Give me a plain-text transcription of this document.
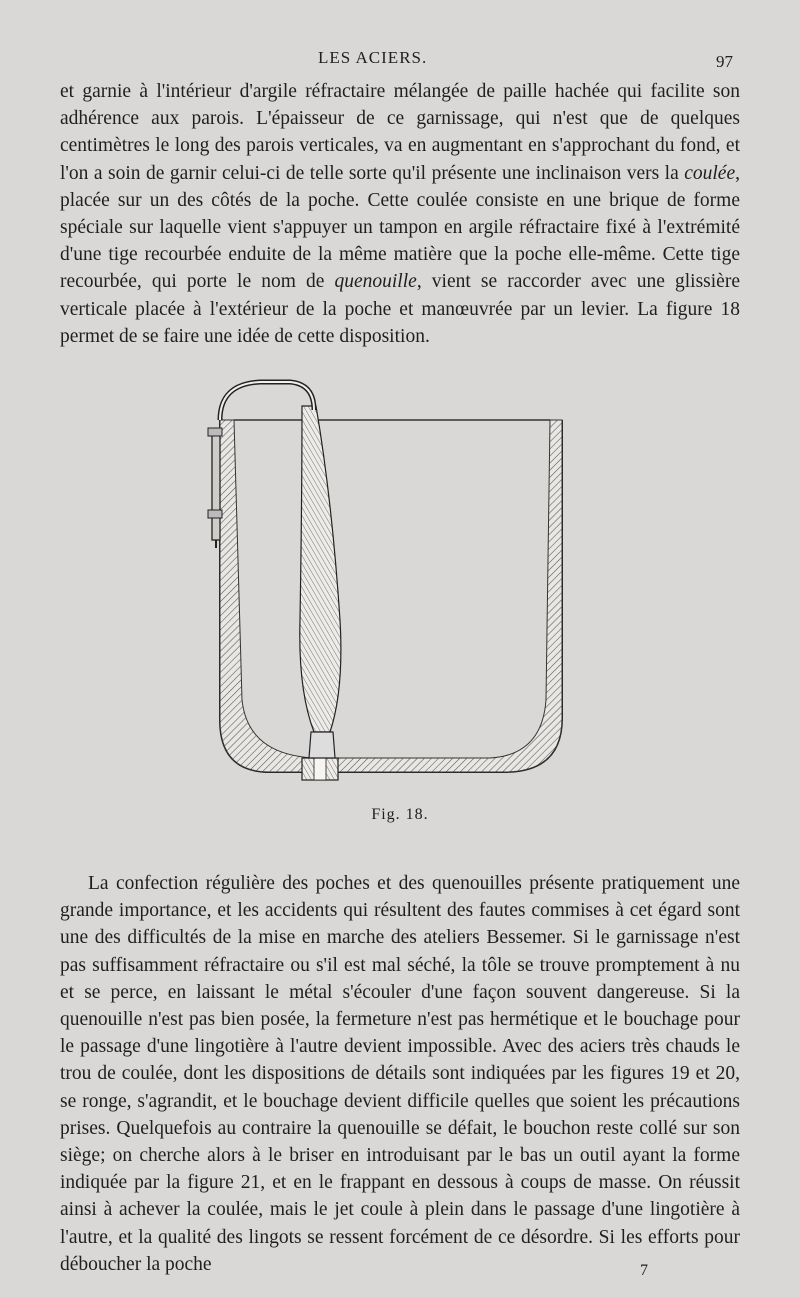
LES ACIERS.	97

et garnie à l'intérieur d'argile réfractaire mélangée de paille hachée qui facilite son adhérence aux parois. L'épaisseur de ce garnissage, qui n'est que de quelques centimètres le long des parois verticales, va en augmentant en s'approchant du fond, et l'on a soin de garnir celui-ci de telle sorte qu'il présente une inclinaison vers la coulée, placée sur un des côtés de la poche. Cette coulée consiste en une brique de forme spéciale sur laquelle vient s'appuyer un tampon en argile réfractaire fixé à l'extrémité d'une tige recourbée enduite de la même matière que la poche elle-même. Cette tige recourbée, qui porte le nom de quenouille, vient se raccorder avec une glissière verticale placée à l'extérieur de la poche et manœuvrée par un levier. La figure 18 permet de se faire une idée de cette disposition.

Fig. 18.

La confection régulière des poches et des quenouilles présente pratiquement une grande importance, et les accidents qui résultent des fautes commises à cet égard sont une des difficultés de la mise en marche des ateliers Bessemer. Si le garnissage n'est pas suffisamment réfractaire ou s'il est mal séché, la tôle se trouve promptement à nu et se perce, en laissant le métal s'écouler d'une façon souvent dangereuse. Si la quenouille n'est pas bien posée, la fermeture n'est pas hermétique et le bouchage pour le passage d'une lingotière à l'autre devient impossible. Avec des aciers très chauds le trou de coulée, dont les dispositions de détails sont indiquées par les figures 19 et 20, se ronge, s'agrandit, et le bouchage devient difficile quelles que soient les précautions prises. Quelquefois au contraire la quenouille se défait, le bouchon reste collé sur son siège; on cherche alors à le briser en introduisant par le bas un outil ayant la forme indiquée par la figure 21, et en le frappant en dessous à coups de masse. On réussit ainsi à achever la coulée, mais le jet coule à plein dans le passage d'une lingotière à l'autre, et la qualité des lingots se ressent forcément de ce désordre. Si les efforts pour déboucher la poche	7
